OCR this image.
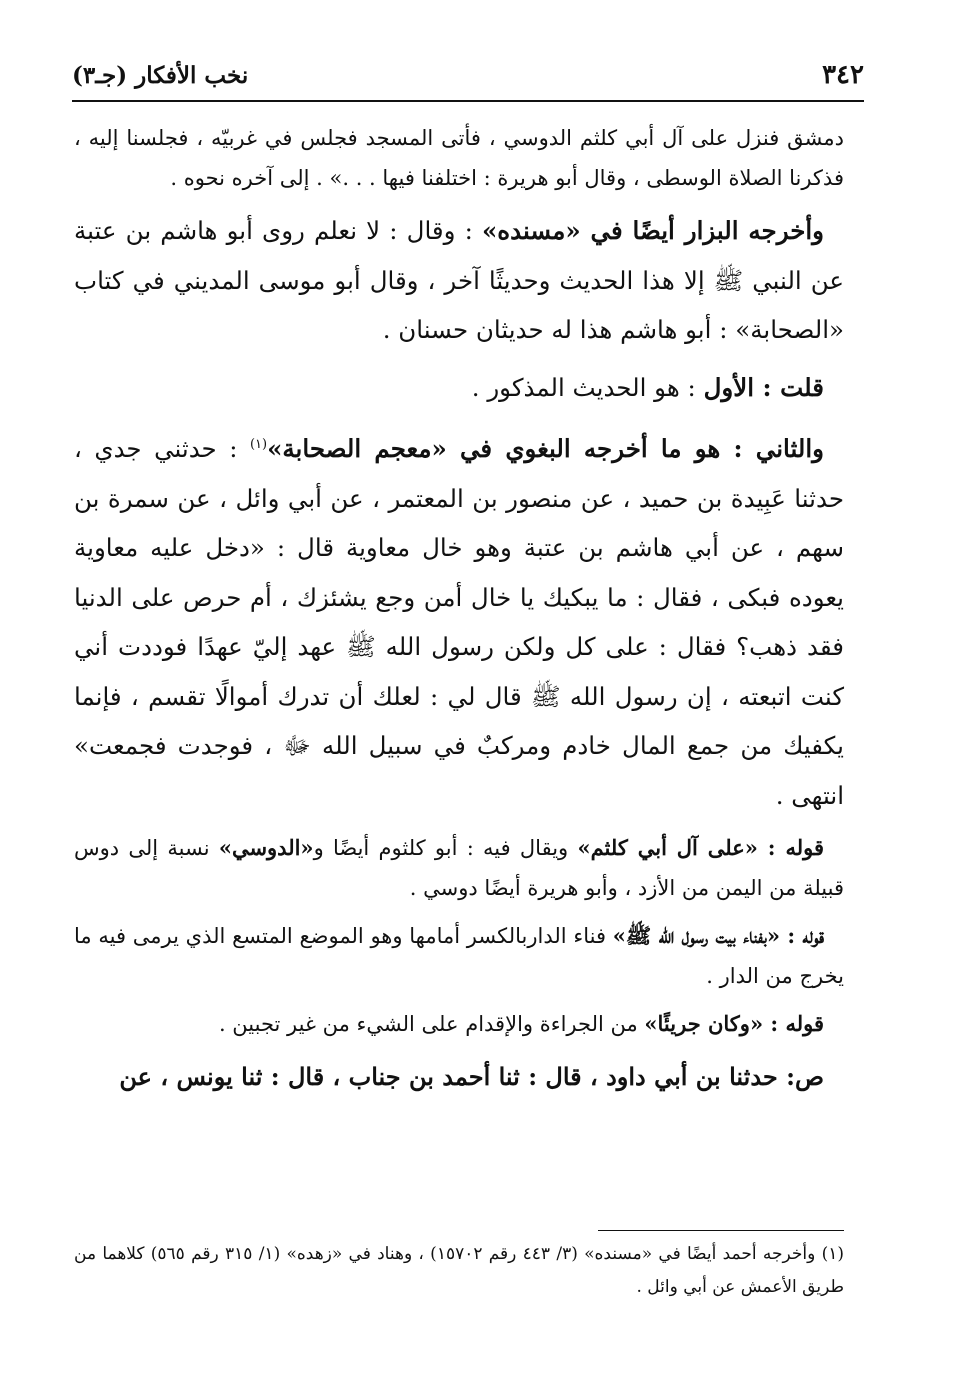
٣٤٢
نخب الأفكار (جـ٣)

دمشق فنزل على آل أبي كلثم الدوسي ، فأتى المسجد فجلس في غربيّه ، فجلسنا إليه ، فذكرنا الصلاة الوسطى ، وقال أبو هريرة : اختلفنا فيها . . .» . إلى آخره نحوه .

وأخرجه البزار أيضًا في «مسنده» : وقال : لا نعلم روى أبو هاشم بن عتبة عن النبي ﷺ إلا هذا الحديث وحديثًا آخر ، وقال أبو موسى المديني في كتاب «الصحابة» : أبو هاشم هذا له حديثان حسنان .

قلت : الأول : هو الحديث المذكور .

والثاني : هو ما أخرجه البغوي في «معجم الصحابة»$^{(١)}$ : حدثني جدي ، حدثنا عَبِيدة بن حميد ، عن منصور بن المعتمر ، عن أبي وائل ، عن سمرة بن سهم ، عن أبي هاشم بن عتبة وهو خال معاوية قال : «دخل عليه معاوية يعوده فبكى ، فقال : ما يبكيك يا خال أمن وجع يشئزك ، أم حرص على الدنيا فقد ذهب؟ فقال : على كل ولكن رسول الله ﷺ عهد إليّ عهدًا فوددت أني كنت اتبعته ، إن رسول الله ﷺ قال لي : لعلك أن تدرك أموالًا تقسم ، فإنما يكفيك من جمع المال خادم ومركبٌ في سبيل الله ﷻ ، فوجدت فجمعت» انتهى .

قوله : «على آل أبي كلثم» ويقال فيه : أبو كلثوم أيضًا و«الدوسي» نسبة إلى دوس قبيلة من اليمن من الأزد ، وأبو هريرة أيضًا دوسي .

قوله : «بفناء بيت رسول الله ﷺ» فناء الداربالكسر أمامها وهو الموضع المتسع الذي يرمى فيه ما يخرج من الدار .

قوله : «وكان جريئًا» من الجراءة والإقدام على الشيء من غير تجبين .

ص: حدثنا بن أبي داود ، قال : ثنا أحمد بن جناب ، قال : ثنا يونس ، عن

(١) وأخرجه أحمد أيضًا في «مسنده» (٣/ ٤٤٣ رقم ١٥٧٠٢) ، وهناد في «زهده» (١/ ٣١٥ رقم ٥٦٥) كلاهما من طريق الأعمش عن أبي وائل .
